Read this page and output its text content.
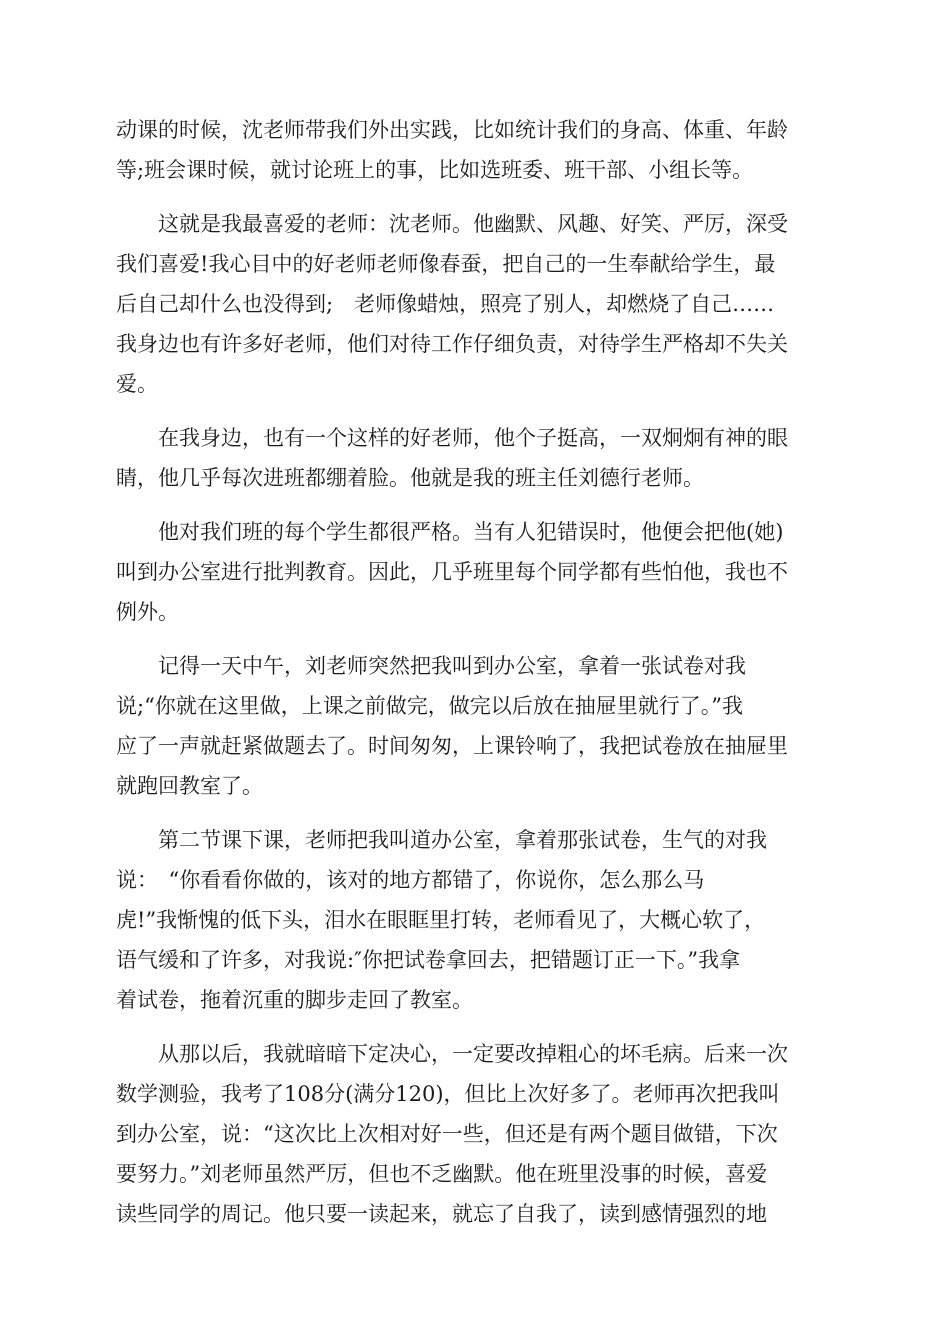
动课的时候，沈老师带我们外出实践，比如统计我们的身高、体重、年龄
等;班会课时候，就讨论班上的事，比如选班委、班干部、小组长等。

　　这就是我最喜爱的老师：沈老师。他幽默、风趣、好笑、严厉，深受
我们喜爱!我心目中的好老师老师像春蚕，把自己的一生奉献给学生，最
后自己却什么也没得到;　老师像蜡烛，照亮了别人，却燃烧了自己……
我身边也有许多好老师，他们对待工作仔细负责，对待学生严格却不失关
爱。

　　在我身边，也有一个这样的好老师，他个子挺高，一双炯炯有神的眼
睛，他几乎每次进班都绷着脸。他就是我的班主任刘德行老师。

　　他对我们班的每个学生都很严格。当有人犯错误时，他便会把他(她)
叫到办公室进行批判教育。因此，几乎班里每个同学都有些怕他，我也不
例外。

　　记得一天中午，刘老师突然把我叫到办公室，拿着一张试卷对我
说;“你就在这里做，上课之前做完，做完以后放在抽屉里就行了。”我
应了一声就赶紧做题去了。时间匆匆，上课铃响了，我把试卷放在抽屉里
就跑回教室了。

　　第二节课下课，老师把我叫道办公室，拿着那张试卷，生气的对我
说：　“你看看你做的，该对的地方都错了，你说你，怎么那么马
虎!”我惭愧的低下头，泪水在眼眶里打转，老师看见了，大概心软了，
语气缓和了许多，对我说:″你把试卷拿回去，把错题订正一下。”我拿
着试卷，拖着沉重的脚步走回了教室。

　　从那以后，我就暗暗下定决心，一定要改掉粗心的坏毛病。后来一次
数学测验，我考了108分(满分120)，但比上次好多了。老师再次把我叫
到办公室，说：“这次比上次相对好一些，但还是有两个题目做错，下次
要努力。”刘老师虽然严厉，但也不乏幽默。他在班里没事的时候，喜爱
读些同学的周记。他只要一读起来，就忘了自我了，读到感情强烈的地
